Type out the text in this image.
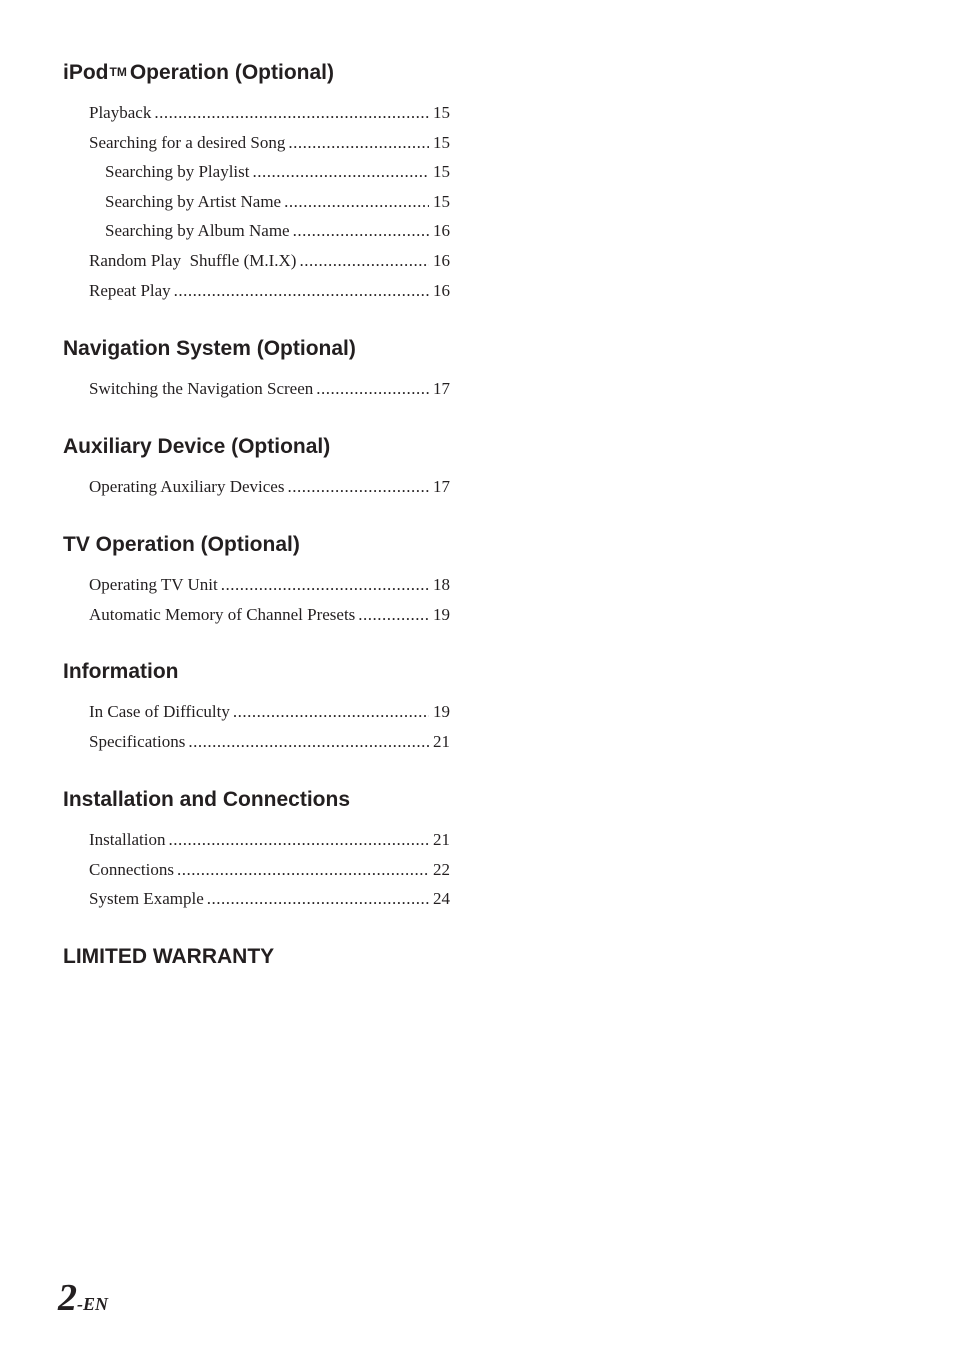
iPod™ Operation (Optional)
Playback .....	15
Searching for a desired Song .....	15
Searching by Playlist .....	15
Searching by Artist Name .....	15
Searching by Album Name .....	16
Random Play  Shuffle (M.I.X) .....	16
Repeat Play .....	16
Navigation System (Optional)
Switching the Navigation Screen .....	17
Auxiliary Device (Optional)
Operating Auxiliary Devices .....	17
TV Operation (Optional)
Operating TV Unit .....	18
Automatic Memory of Channel Presets .....	19
Information
In Case of Difficulty .....	19
Specifications .....	21
Installation and Connections
Installation .....	21
Connections .....	22
System Example .....	24
LIMITED WARRANTY
2-EN
